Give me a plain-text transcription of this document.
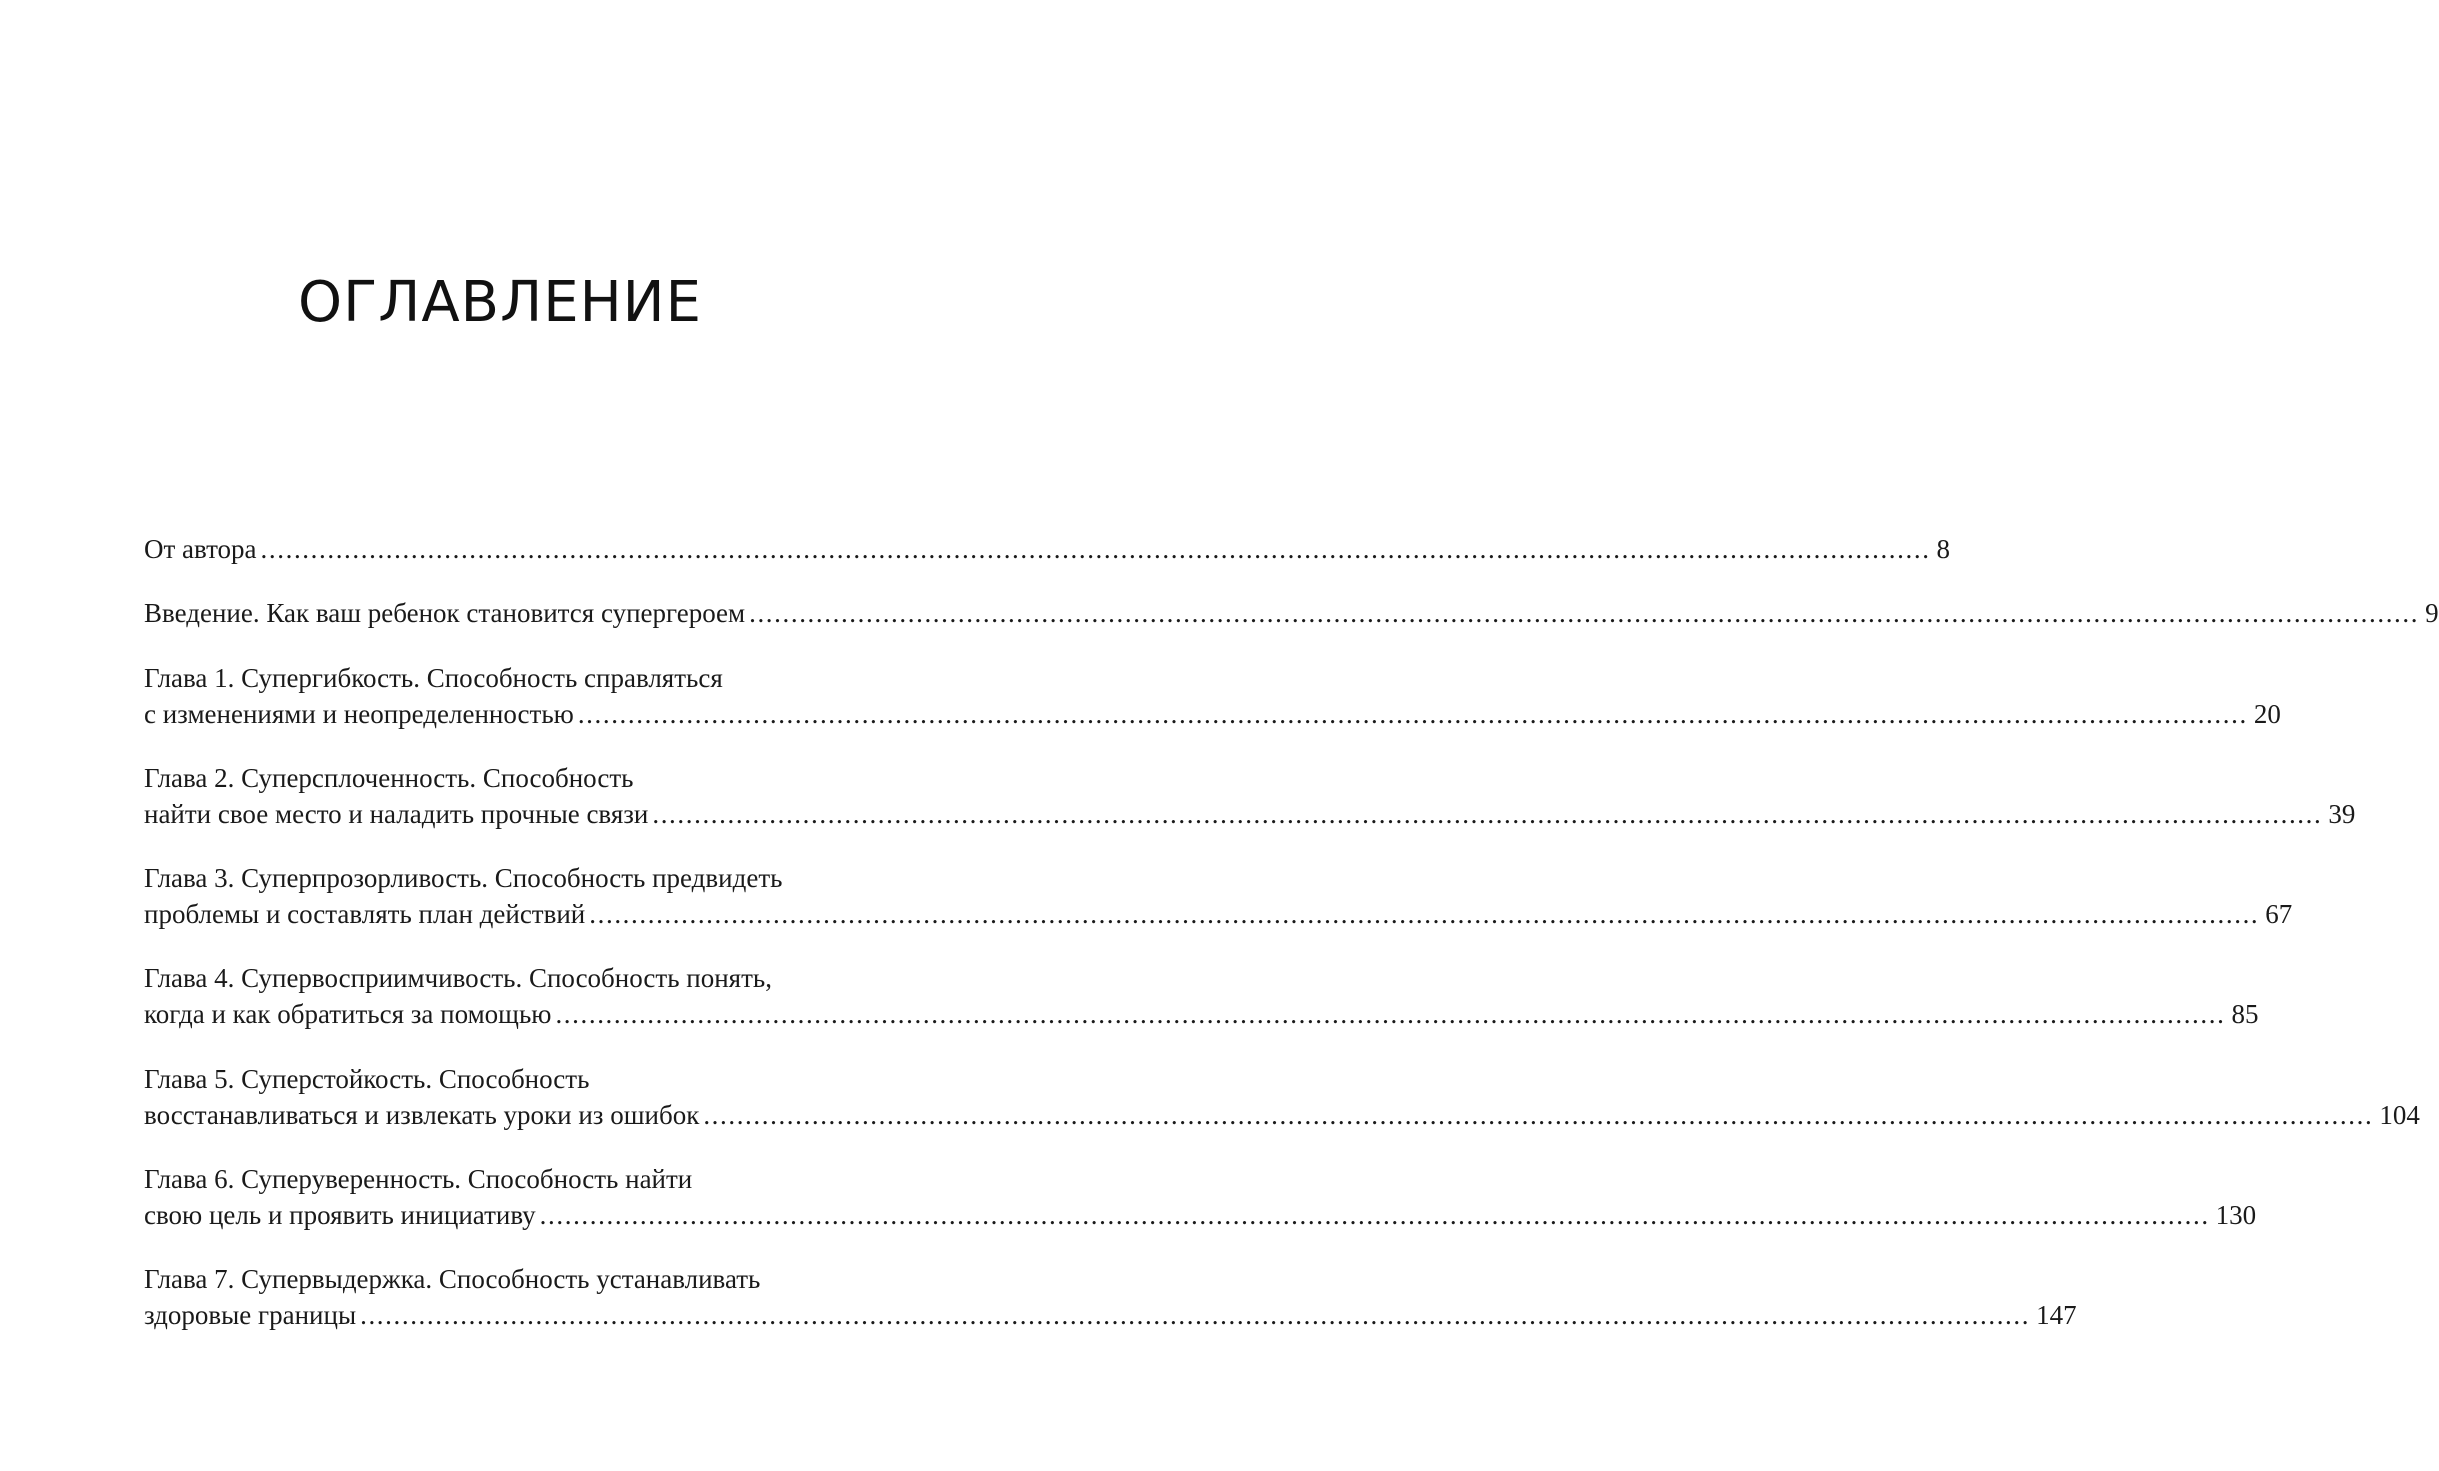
ОГЛАВЛЕНИЕ
От автора ........................................................................................................................................................................................................ 8
Введение. Как ваш ребенок становится супергероем ........................................................................................................................................................................................................ 9
Глава 1. Супергибкость. Способность справляться
с изменениями и неопределенностью ........................................................................................................................................................................................................ 20
Глава 2. Суперсплоченность. Способность
найти свое место и наладить прочные связи ........................................................................................................................................................................................................ 39
Глава 3. Суперпрозорливость. Способность предвидеть
проблемы и составлять план действий ........................................................................................................................................................................................................ 67
Глава 4. Супервосприимчивость. Способность понять,
когда и как обратиться за помощью ........................................................................................................................................................................................................ 85
Глава 5. Суперстойкость. Способность
восстанавливаться и извлекать уроки из ошибок ........................................................................................................................................................................................................ 104
Глава 6. Суперуверенность. Способность найти
свою цель и проявить инициативу ........................................................................................................................................................................................................ 130
Глава 7. Супервыдержка. Способность устанавливать
здоровые границы ........................................................................................................................................................................................................ 147
